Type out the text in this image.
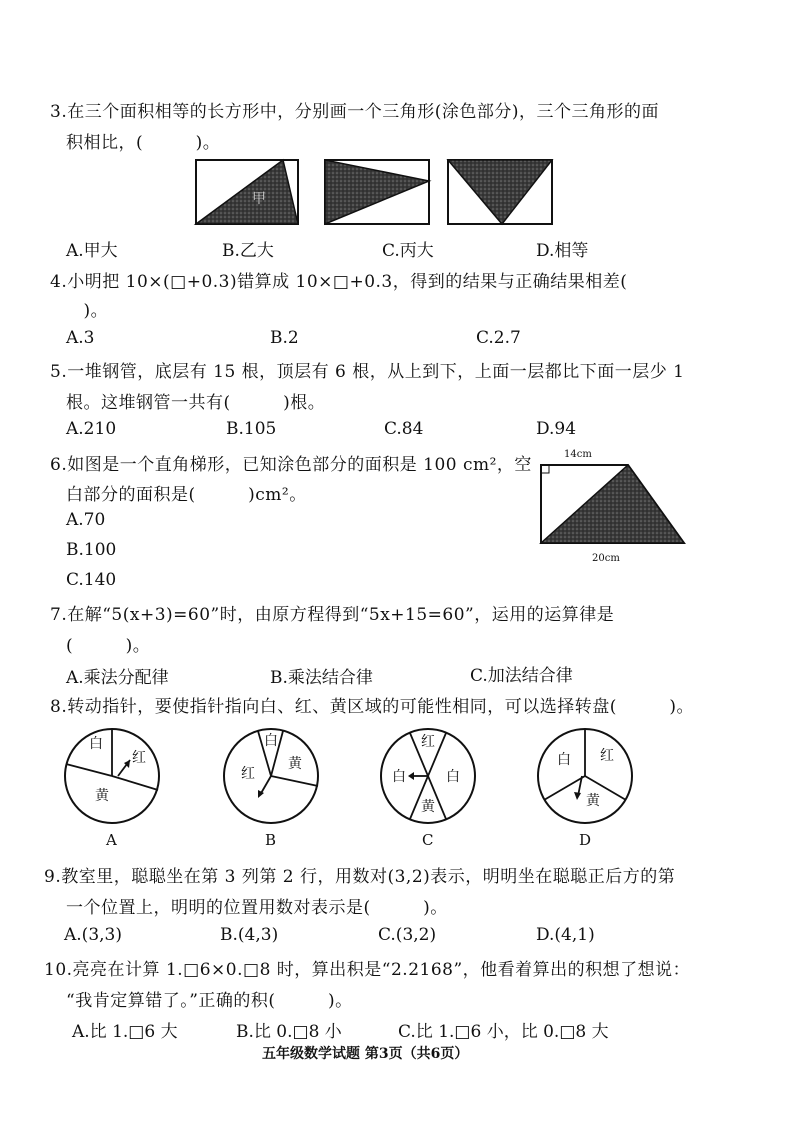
3.在三个面积相等的长方形中，分别画一个三角形(涂色部分)，三个三角形的面
积相比，(　　　)。
甲
白
红
黄
白
黄
红
红
白	白
黄
白 红
黄
A.甲大	B.乙大	C.丙大	D.相等
4.小明把 10×(□+0.3)错算成 10×□+0.3，得到的结果与正确结果相差(
　)。
A.3	B.2	C.2.7
5.一堆钢管，底层有 15 根，顶层有 6 根，从上到下，上面一层都比下面一层少 1
根。这堆钢管一共有(　　　)根。
A.210	B.105	C.84	D.94
6.如图是一个直角梯形，已知涂色部分的面积是 100 cm²，空
白部分的面积是(　　　)cm²。
A.70
B.100
C.140
14cm
20cm
7.在解“5(x+3)=60”时，由原方程得到“5x+15=60”，运用的运算律是
(　　　)。
A.乘法分配律	B.乘法结合律	C.加法结合律
8.转动指针，要使指针指向白、红、黄区域的可能性相同，可以选择转盘(　　　)。
A	B	C	D
9.教室里，聪聪坐在第 3 列第 2 行，用数对(3,2)表示，明明坐在聪聪正后方的第
一个位置上，明明的位置用数对表示是(　　　)。
A.(3,3)	B.(4,3)	C.(3,2)	D.(4,1)
10.亮亮在计算 1.□6×0.□8 时，算出积是“2.2168”，他看着算出的积想了想说：
“我肯定算错了。”正确的积(　　　)。
A.比 1.□6 大	B.比 0.□8 小	C.比 1.□6 小，比 0.□8 大
五年级数学试题 第3页（共6页）
